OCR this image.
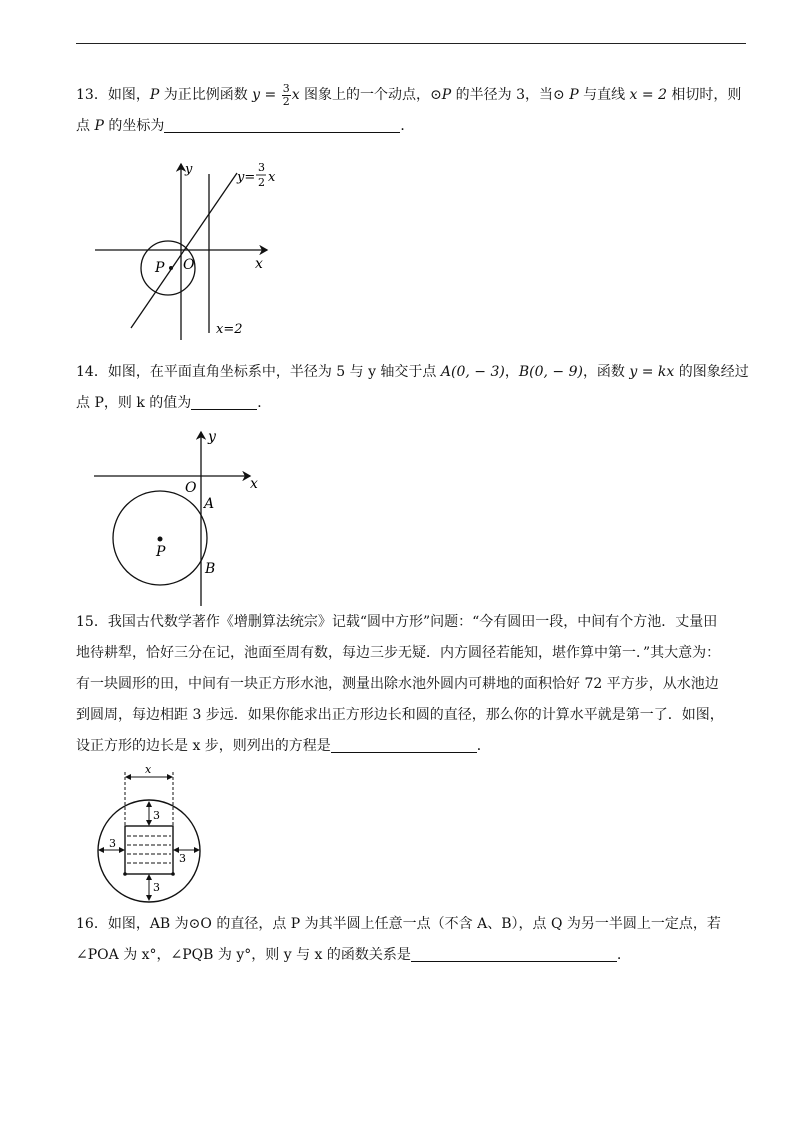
13．如图，P 为正比例函数 $y = \frac{3}{2}$ x 图象上的一个动点，⊙P 的半径为 3，当⊙ P 与直线 x = 2 相切时，则

点 P 的坐标为	．

y
x
O
P
x=2
y=
3
2 x

14．如图，在平面直角坐标系中，半径为 5 与 y 轴交于点 A(0, − 3)，B(0, − 9)，函数 y = kx 的图象经过

点 P，则 k 的值为	．

y
x
O
A
B
P

15．我国古代数学著作《增删算法统宗》记载“圆中方形”问题：“今有圆田一段，中间有个方池．丈量田

地待耕犁，恰好三分在记，池面至周有数，每边三步无疑．内方圆径若能知，堪作算中第一．”其大意为：

有一块圆形的田，中间有一块正方形水池，测量出除水池外圆内可耕地的面积恰好 72 平方步，从水池边

到圆周，每边相距 3 步远．如果你能求出正方形边长和圆的直径，那么你的计算水平就是第一了．如图，

设正方形的边长是 x 步，则列出的方程是	．

x
3
3
3
3

16．如图，AB 为⊙O 的直径，点 P 为其半圆上任意一点（不含 A、B），点 Q 为另一半圆上一定点，若

∠POA 为 x°，∠PQB 为 y°，则 y 与 x 的函数关系是	.
